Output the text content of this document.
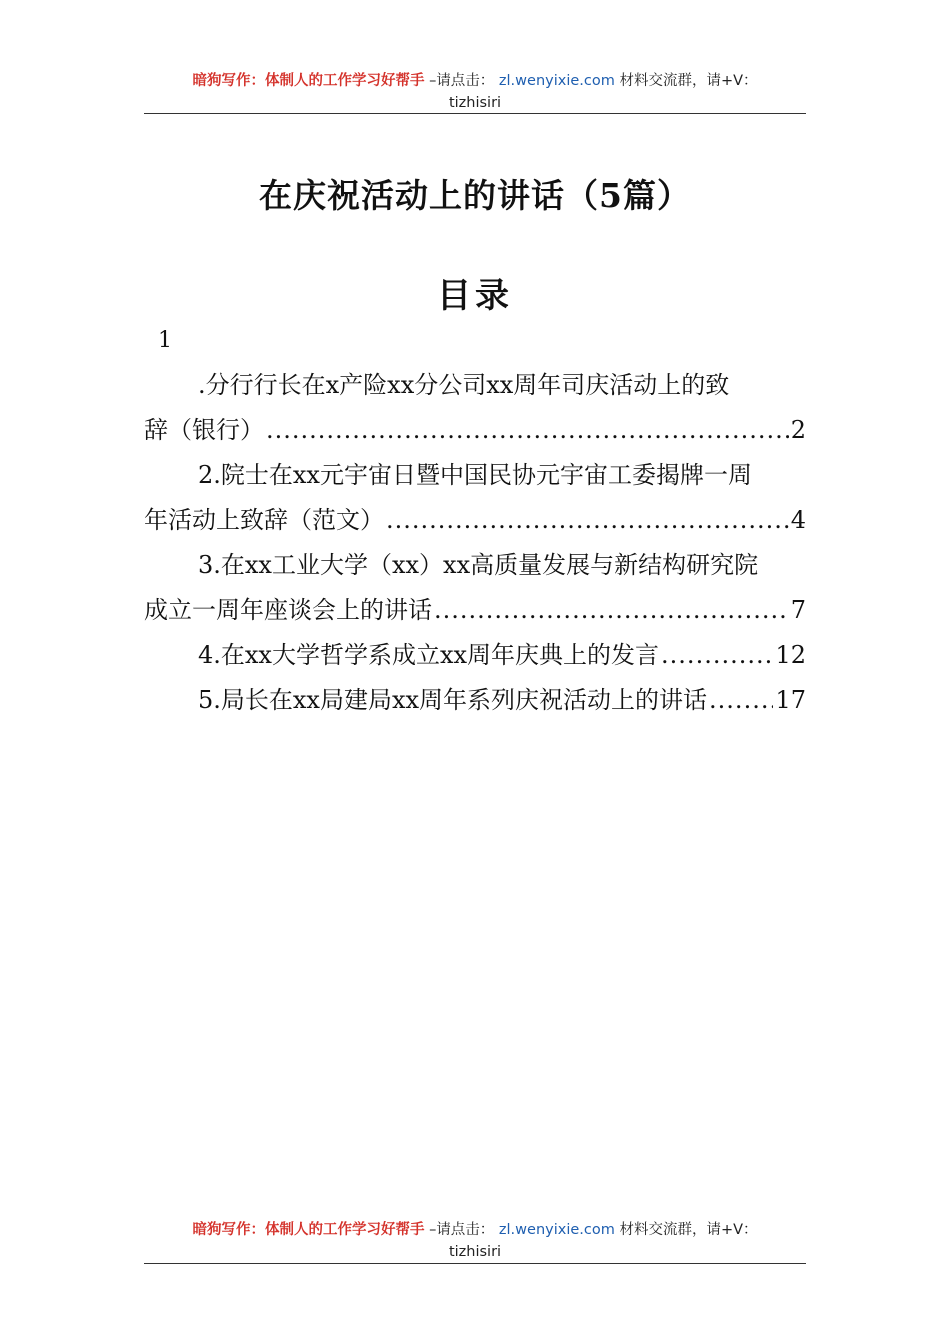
暗狗写作：体制人的工作学习好帮手 –请点击： zl.wenyixie.com 材料交流群，请+V：
tizhisiri
在庆祝活动上的讲话（5篇）
目录
1
.分行行长在x产险xx分公司xx周年司庆活动上的致
辞（银行） .....	2
2.院士在xx元宇宙日暨中国民协元宇宙工委揭牌一周
年活动上致辞（范文） .....	4
3.在xx工业大学（xx）xx高质量发展与新结构研究院
成立一周年座谈会上的讲话 .....	7
4.在xx大学哲学系成立xx周年庆典上的发言 .....	12
5.局长在xx局建局xx周年系列庆祝活动上的讲话 .....	17
暗狗写作：体制人的工作学习好帮手 –请点击： zl.wenyixie.com 材料交流群，请+V：
tizhisiri
